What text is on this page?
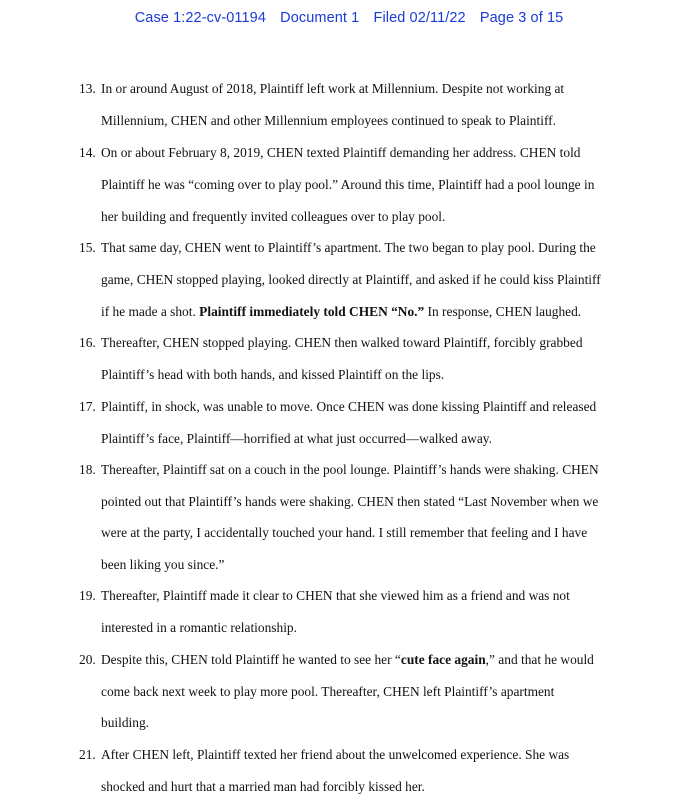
Case 1:22-cv-01194 Document 1 Filed 02/11/22 Page 3 of 15
13. In or around August of 2018, Plaintiff left work at Millennium. Despite not working at
Millennium, CHEN and other Millennium employees continued to speak to Plaintiff.
14. On or about February 8, 2019, CHEN texted Plaintiff demanding her address. CHEN told
Plaintiff he was “coming over to play pool.” Around this time, Plaintiff had a pool lounge in
her building and frequently invited colleagues over to play pool.
15. That same day, CHEN went to Plaintiff’s apartment. The two began to play pool. During the
game, CHEN stopped playing, looked directly at Plaintiff, and asked if he could kiss Plaintiff
if he made a shot. Plaintiff immediately told CHEN “No.” In response, CHEN laughed.
16. Thereafter, CHEN stopped playing. CHEN then walked toward Plaintiff, forcibly grabbed
Plaintiff’s head with both hands, and kissed Plaintiff on the lips.
17. Plaintiff, in shock, was unable to move. Once CHEN was done kissing Plaintiff and released
Plaintiff’s face, Plaintiff—horrified at what just occurred—walked away.
18. Thereafter, Plaintiff sat on a couch in the pool lounge. Plaintiff’s hands were shaking. CHEN
pointed out that Plaintiff’s hands were shaking. CHEN then stated “Last November when we
were at the party, I accidentally touched your hand. I still remember that feeling and I have
been liking you since.”
19. Thereafter, Plaintiff made it clear to CHEN that she viewed him as a friend and was not
interested in a romantic relationship.
20. Despite this, CHEN told Plaintiff he wanted to see her “cute face again,” and that he would
come back next week to play more pool. Thereafter, CHEN left Plaintiff’s apartment
building.
21. After CHEN left, Plaintiff texted her friend about the unwelcomed experience. She was
shocked and hurt that a married man had forcibly kissed her.
